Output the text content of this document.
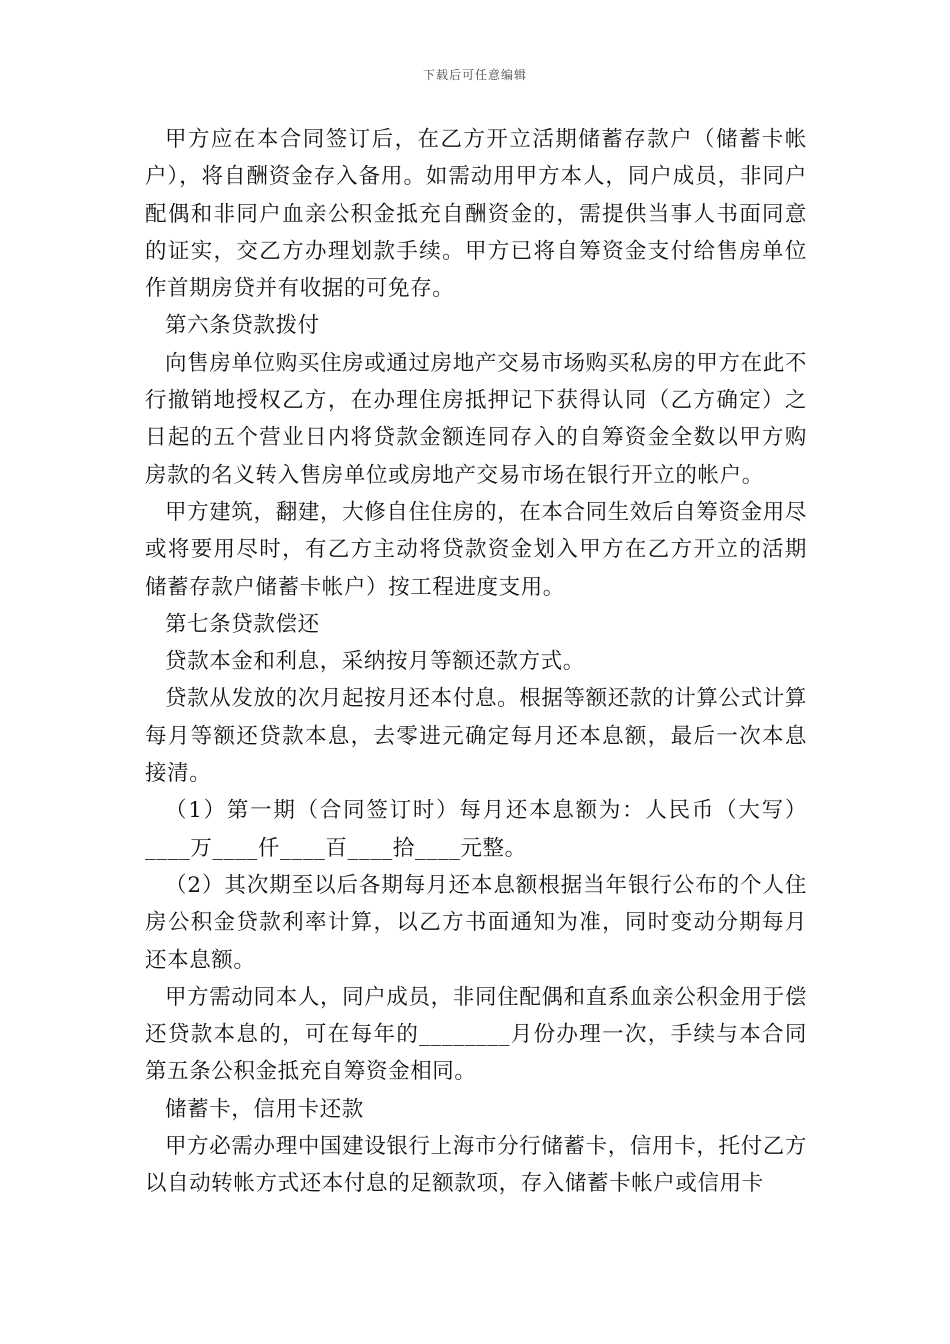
下载后可任意编辑

甲方应在本合同签订后，在乙方开立活期储蓄存款户（储蓄卡帐户），将自酬资金存入备用。如需动用甲方本人，同户成员，非同户配偶和非同户血亲公积金抵充自酬资金的，需提供当事人书面同意的证实，交乙方办理划款手续。甲方已将自筹资金支付给售房单位作首期房贷并有收据的可免存。

第六条贷款拨付

向售房单位购买住房或通过房地产交易市场购买私房的甲方在此不行撤销地授权乙方，在办理住房抵押记下获得认同（乙方确定）之日起的五个营业日内将贷款金额连同存入的自筹资金全数以甲方购房款的名义转入售房单位或房地产交易市场在银行开立的帐户。

甲方建筑，翻建，大修自住住房的，在本合同生效后自筹资金用尽或将要用尽时，有乙方主动将贷款资金划入甲方在乙方开立的活期储蓄存款户储蓄卡帐户）按工程进度支用。

第七条贷款偿还

贷款本金和利息，采纳按月等额还款方式。

贷款从发放的次月起按月还本付息。根据等额还款的计算公式计算每月等额还贷款本息，去零进元确定每月还本息额，最后一次本息接清。

（1）第一期（合同签订时）每月还本息额为：人民币（大写）____万____仟____百____拾____元整。

（2）其次期至以后各期每月还本息额根据当年银行公布的个人住房公积金贷款利率计算，以乙方书面通知为准，同时变动分期每月还本息额。

甲方需动同本人，同户成员，非同住配偶和直系血亲公积金用于偿还贷款本息的，可在每年的________月份办理一次，手续与本合同第五条公积金抵充自筹资金相同。

储蓄卡，信用卡还款

甲方必需办理中国建设银行上海市分行储蓄卡，信用卡，托付乙方以自动转帐方式还本付息的足额款项，存入储蓄卡帐户或信用卡
